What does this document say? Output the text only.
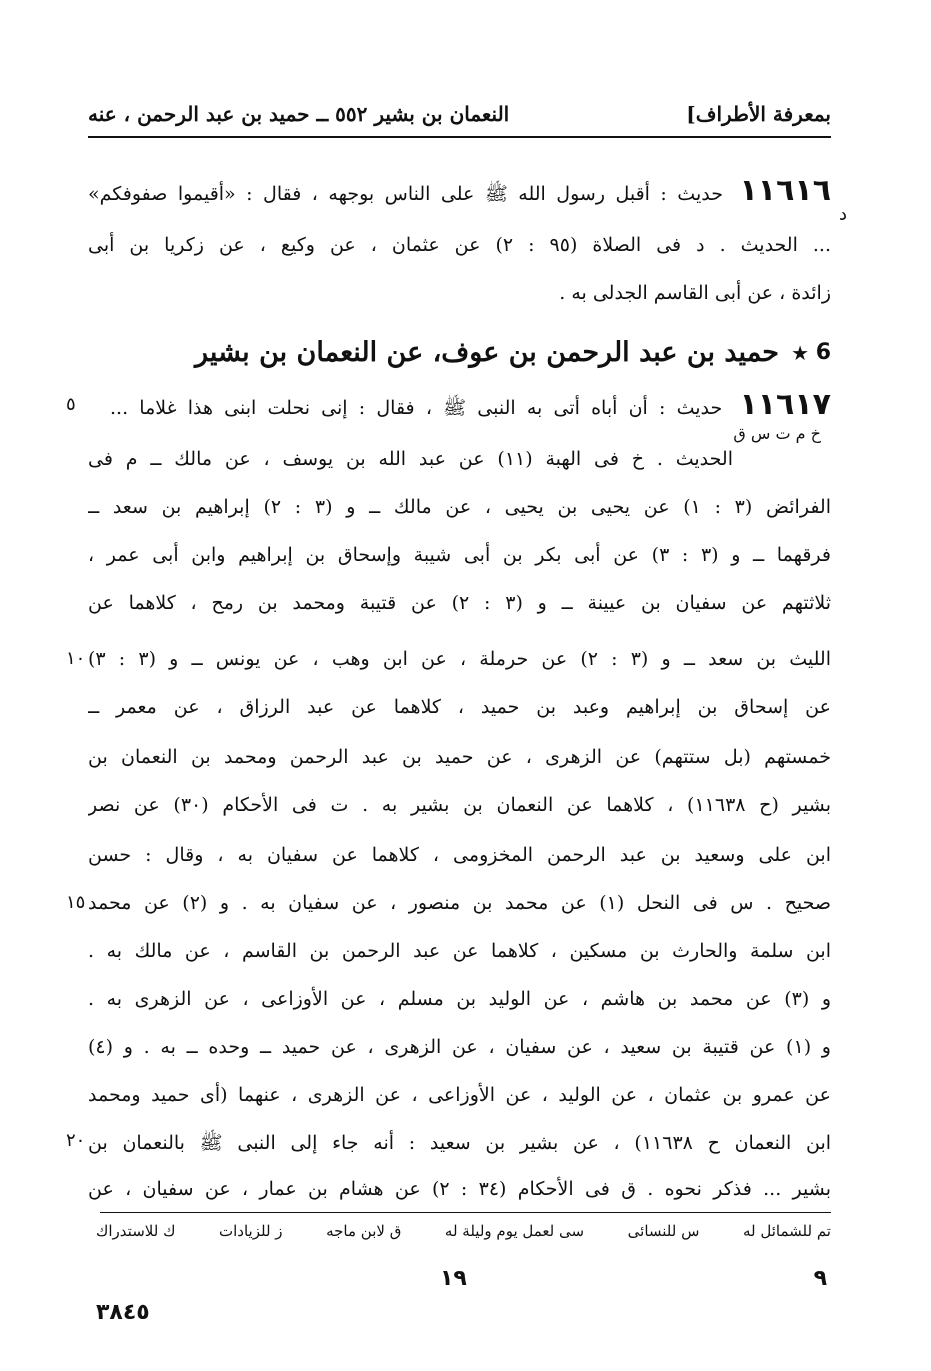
بمعرفة الأطراف]
النعمان بن بشير ٥٥٢ ــ حميد بن عبد الرحمن ، عنه
١١٦١٦ حديث : أقبل رسول الله ﷺ على الناس بوجهه ، فقال : «أقيموا صفوفكم»
د
... الحديث . د فى الصلاة (٩٥ : ٢) عن عثمان ، عن وكيع ، عن زكريا بن أبى
زائدة ، عن أبى القاسم الجدلى به .
6
★
حميد بن عبد الرحمن بن عوف، عن النعمان بن بشير
١١٦١٧ حديث : أن أباه أتى به النبى ﷺ ، فقال : إنى نحلت ابنى هذا غلاما ...
٥
خ م ت س ق
الحديث . خ فى الهبة (١١) عن عبد الله بن يوسف ، عن مالك ــ م فى
الفرائض (٣ : ١) عن يحيى بن يحيى ، عن مالك ــ و (٣ : ٢) إبراهيم بن سعد ــ
فرقهما ــ و (٣ : ٣) عن أبى بكر بن أبى شيبة وإسحاق بن إبراهيم وابن أبى عمر ،
ثلاثتهم عن سفيان بن عيينة ــ و (٣ : ٢) عن قتيبة ومحمد بن رمح ، كلاهما عن
الليث بن سعد ــ و (٣ : ٢) عن حرملة ، عن ابن وهب ، عن يونس ــ و (٣ : ٣)
١٠
عن إسحاق بن إبراهيم وعبد بن حميد ، كلاهما عن عبد الرزاق ، عن معمر ــ
خمستهم (بل ستتهم) عن الزهرى ، عن حميد بن عبد الرحمن ومحمد بن النعمان بن
بشير (ح ١١٦٣٨) ، كلاهما عن النعمان بن بشير به . ت فى الأحكام (٣٠) عن نصر
ابن على وسعيد بن عبد الرحمن المخزومى ، كلاهما عن سفيان به ، وقال : حسن
صحيح . س فى النحل (١) عن محمد بن منصور ، عن سفيان به . و (٢) عن محمد
١٥
ابن سلمة والحارث بن مسكين ، كلاهما عن عبد الرحمن بن القاسم ، عن مالك به .
و (٣) عن محمد بن هاشم ، عن الوليد بن مسلم ، عن الأوزاعى ، عن الزهرى به .
و (١) عن قتيبة بن سعيد ، عن سفيان ، عن الزهرى ، عن حميد ــ وحده ــ به . و (٤)
عن عمرو بن عثمان ، عن الوليد ، عن الأوزاعى ، عن الزهرى ، عنهما (أى حميد ومحمد
ابن النعمان ح ١١٦٣٨) ، عن بشير بن سعيد : أنه جاء إلى النبى ﷺ بالنعمان بن
٢٠
بشير ... فذكر نحوه . ق فى الأحكام (٣٤ : ٢) عن هشام بن عمار ، عن سفيان ، عن
تم للشمائل له
س للنسائى
سى لعمل يوم وليلة له
ق لابن ماجه
ز للزيادات
ك للاستدراك
٩
١٩
٣٨٤٥
